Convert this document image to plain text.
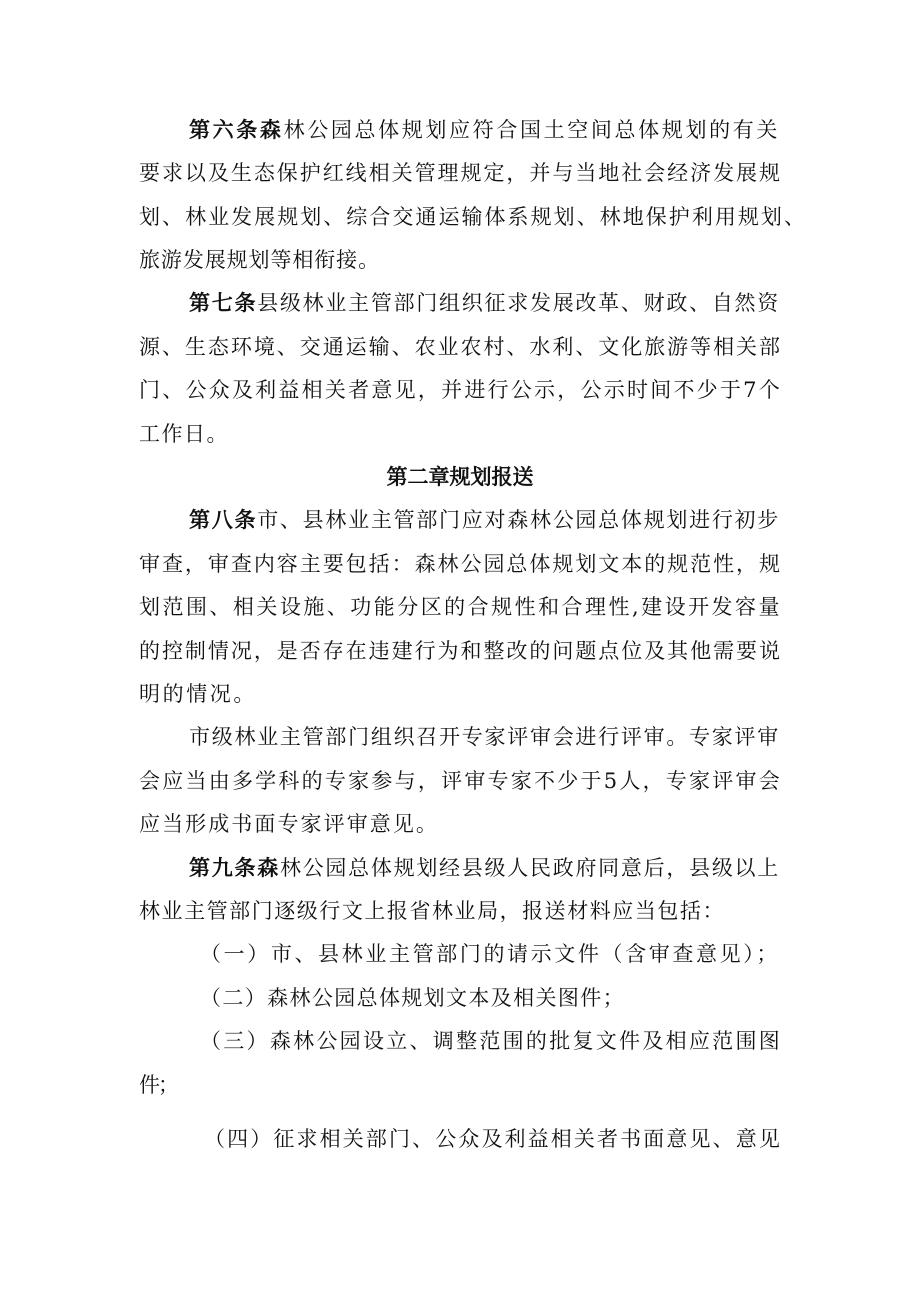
第六条森林公园总体规划应符合国土空间总体规划的有关
要求以及生态保护红线相关管理规定，并与当地社会经济发展规
划、林业发展规划、综合交通运输体系规划、林地保护利用规划、
旅游发展规划等相衔接。
第七条县级林业主管部门组织征求发展改革、财政、自然资
源、生态环境、交通运输、农业农村、水利、文化旅游等相关部
门、公众及利益相关者意见，并进行公示，公示时间不少于7个
工作日。
第二章规划报送
第八条市、县林业主管部门应对森林公园总体规划进行初步
审查，审查内容主要包括：森林公园总体规划文本的规范性，规
划范围、相关设施、功能分区的合规性和合理性,建设开发容量
的控制情况，是否存在违建行为和整改的问题点位及其他需要说
明的情况。
市级林业主管部门组织召开专家评审会进行评审。专家评审
会应当由多学科的专家参与，评审专家不少于5人，专家评审会
应当形成书面专家评审意见。
第九条森林公园总体规划经县级人民政府同意后，县级以上
林业主管部门逐级行文上报省林业局，报送材料应当包括：
（一）市、县林业主管部门的请示文件（含审查意见）；
（二）森林公园总体规划文本及相关图件；
（三）森林公园设立、调整范围的批复文件及相应范围图
件；
（四）征求相关部门、公众及利益相关者书面意见、意见
